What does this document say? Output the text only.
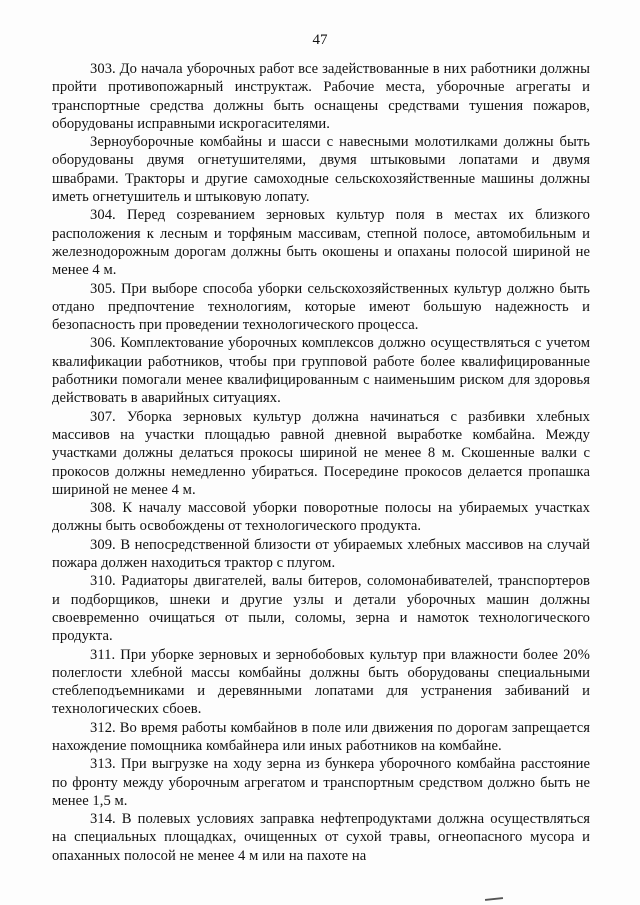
47

303. До начала уборочных работ все задействованные в них работники должны пройти противопожарный инструктаж. Рабочие места, уборочные агрегаты и транспортные средства должны быть оснащены средствами тушения пожаров, оборудованы исправными искрогасителями.

Зерноуборочные комбайны и шасси с навесными молотилками должны быть оборудованы двумя огнетушителями, двумя штыковыми лопатами и двумя швабрами. Тракторы и другие самоходные сельскохозяйственные машины должны иметь огнетушитель и штыковую лопату.

304. Перед созреванием зерновых культур поля в местах их близкого расположения к лесным и торфяным массивам, степной полосе, автомобильным и железнодорожным дорогам должны быть окошены и опаханы полосой шириной не менее 4 м.

305. При выборе способа уборки сельскохозяйственных культур должно быть отдано предпочтение технологиям, которые имеют большую надежность и безопасность при проведении технологического процесса.

306. Комплектование уборочных комплексов должно осуществляться с учетом квалификации работников, чтобы при групповой работе более квалифицированные работники помогали менее квалифицированным с наименьшим риском для здоровья действовать в аварийных ситуациях.

307. Уборка зерновых культур должна начинаться с разбивки хлебных массивов на участки площадью равной дневной выработке комбайна. Между участками должны делаться прокосы шириной не менее 8 м. Скошенные валки с прокосов должны немедленно убираться. Посередине прокосов делается пропашка шириной не менее 4 м.

308. К началу массовой уборки поворотные полосы на убираемых участках должны быть освобождены от технологического продукта.

309. В непосредственной близости от убираемых хлебных массивов на случай пожара должен находиться трактор с плугом.

310. Радиаторы двигателей, валы битеров, соломонабивателей, транспортеров и подборщиков, шнеки и другие узлы и детали уборочных машин должны своевременно очищаться от пыли, соломы, зерна и намоток технологического продукта.

311. При уборке зерновых и зернобобовых культур при влажности более 20% полеглости хлебной массы комбайны должны быть оборудованы специальными стеблеподъемниками и деревянными лопатами для устранения забиваний и технологических сбоев.

312. Во время работы комбайнов в поле или движения по дорогам запрещается нахождение помощника комбайнера или иных работников на комбайне.

313. При выгрузке на ходу зерна из бункера уборочного комбайна расстояние по фронту между уборочным агрегатом и транспортным средством должно быть не менее 1,5 м.

314. В полевых условиях заправка нефтепродуктами должна осуществляться на специальных площадках, очищенных от сухой травы, огнеопасного мусора и опаханных полосой не менее 4 м или на пахоте на
